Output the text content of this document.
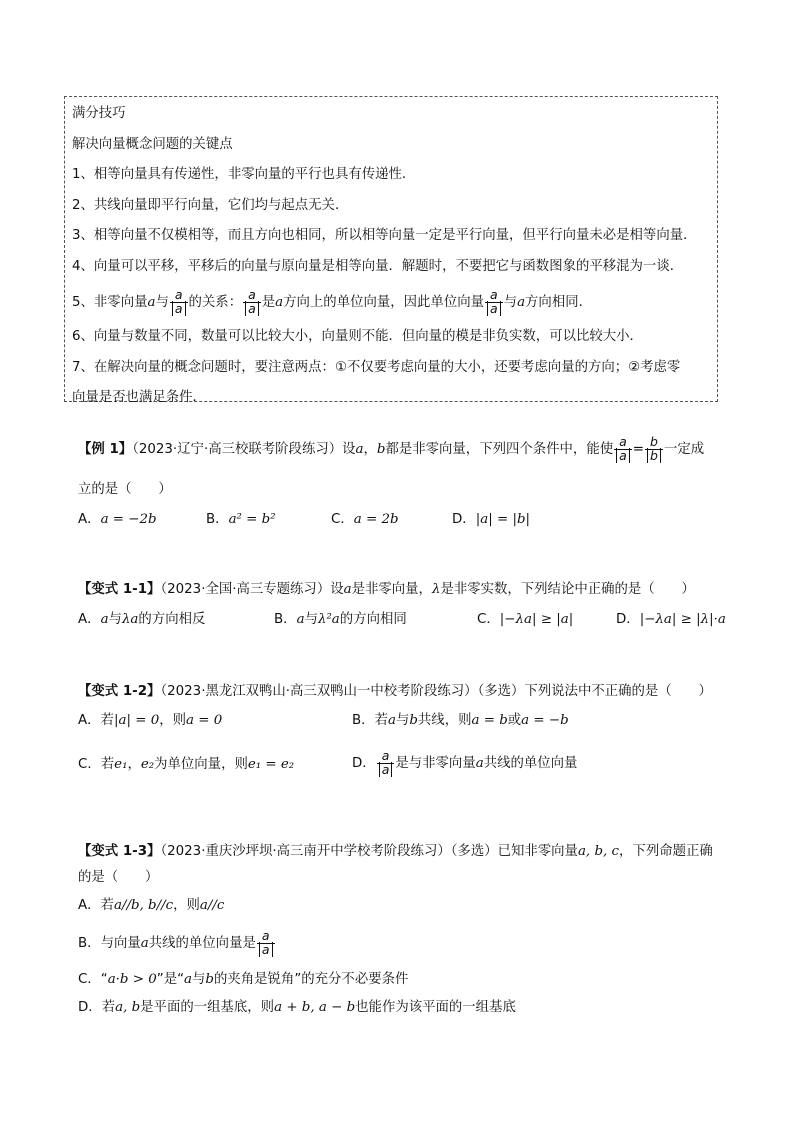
满分技巧
解决向量概念问题的关键点
1、相等向量具有传递性，非零向量的平行也具有传递性．
2、共线向量即平行向量，它们均与起点无关．
3、相等向量不仅模相等，而且方向也相同，所以相等向量一定是平行向量，但平行向量未必是相等向量．
4、向量可以平移，平移后的向量与原向量是相等向量．解题时，不要把它与函数图象的平移混为一谈．
5、非零向量a与 $\frac{a}{a}$ 的关系： $\frac{a}{a}$ 是a方向上的单位向量，因此单位向量 $\frac{a}{a}$ 与a方向相同．
6、向量与数量不同，数量可以比较大小，向量则不能．但向量的模是非负实数，可以比较大小．
7、在解决向量的概念问题时，要注意两点：①不仅要考虑向量的大小，还要考虑向量的方向；②考虑零
向量是否也满足条件．
【例 1】（2023·辽宁·高三校联考阶段练习）设a，b都是非零向量，下列四个条件中，能使 $\frac{a}{a} = \frac{b}{b}$ 一定成
立的是（　　）
A．a = −2b	B．a² = b²	C．a = 2b	D．|a| = |b|
【变式 1-1】（2023·全国·高三专题练习）设a是非零向量，λ是非零实数，下列结论中正确的是（　　）
A．a与λa的方向相反	B．a与λ²a的方向相同	C．|−λa| ≥ |a|	D．|−λa| ≥ |λ|·a
【变式 1-2】（2023·黑龙江双鸭山·高三双鸭山一中校考阶段练习）（多选）下列说法中不正确的是（　　）
A．若|a| = 0，则a = 0	B．若a与b共线，则a = b或a = −b
C．若e₁，e₂为单位向量，则e₁ = e₂	D． $\frac{a}{a}$ 是与非零向量a共线的单位向量
【变式 1-3】（2023·重庆沙坪坝·高三南开中学校考阶段练习）（多选）已知非零向量a, b, c，下列命题正确
的是（　　）
A．若a//b, b//c，则a//c
B．与向量a共线的单位向量是 $\frac{a}{a}$
C．“a·b > 0”是“a与b的夹角是锐角”的充分不必要条件
D．若a, b是平面的一组基底，则a + b, a − b也能作为该平面的一组基底
